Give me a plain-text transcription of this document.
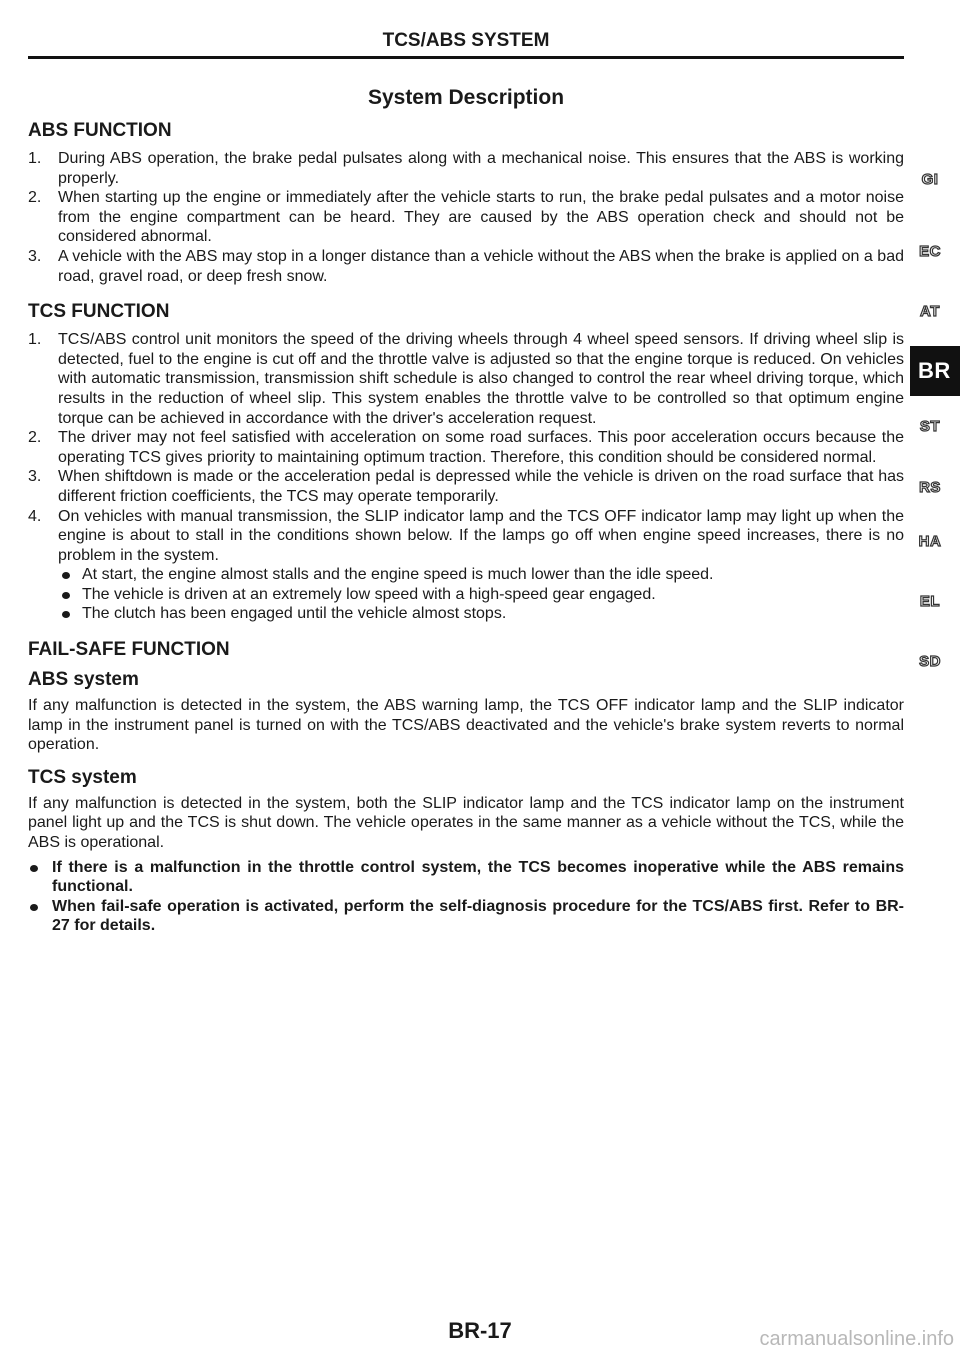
TCS/ABS SYSTEM
System Description
ABS FUNCTION
1. During ABS operation, the brake pedal pulsates along with a mechanical noise. This ensures that the ABS is working properly.
2. When starting up the engine or immediately after the vehicle starts to run, the brake pedal pulsates and a motor noise from the engine compartment can be heard. They are caused by the ABS operation check and should not be considered abnormal.
3. A vehicle with the ABS may stop in a longer distance than a vehicle without the ABS when the brake is applied on a bad road, gravel road, or deep fresh snow.
TCS FUNCTION
1. TCS/ABS control unit monitors the speed of the driving wheels through 4 wheel speed sensors. If driving wheel slip is detected, fuel to the engine is cut off and the throttle valve is adjusted so that the engine torque is reduced. On vehicles with automatic transmission, transmission shift schedule is also changed to control the rear wheel driving torque, which results in the reduction of wheel slip. This system enables the throttle valve to be controlled so that optimum engine torque can be achieved in accordance with the driver's acceleration request.
2. The driver may not feel satisfied with acceleration on some road surfaces. This poor acceleration occurs because the operating TCS gives priority to maintaining optimum traction. Therefore, this condition should be considered normal.
3. When shiftdown is made or the acceleration pedal is depressed while the vehicle is driven on the road surface that has different friction coefficients, the TCS may operate temporarily.
4. On vehicles with manual transmission, the SLIP indicator lamp and the TCS OFF indicator lamp may light up when the engine is about to stall in the conditions shown below. If the lamps go off when engine speed increases, there is no problem in the system.
At start, the engine almost stalls and the engine speed is much lower than the idle speed.
The vehicle is driven at an extremely low speed with a high-speed gear engaged.
The clutch has been engaged until the vehicle almost stops.
FAIL-SAFE FUNCTION
ABS system

If any malfunction is detected in the system, the ABS warning lamp, the TCS OFF indicator lamp and the SLIP indicator lamp in the instrument panel is turned on with the TCS/ABS deactivated and the vehicle's brake system reverts to normal operation.

TCS system

If any malfunction is detected in the system, both the SLIP indicator lamp and the TCS indicator lamp on the instrument panel light up and the TCS is shut down. The vehicle operates in the same manner as a vehicle without the TCS, while the ABS is operational.

If there is a malfunction in the throttle control system, the TCS becomes inoperative while the ABS remains functional.
When fail-safe operation is activated, perform the self-diagnosis procedure for the TCS/ABS first. Refer to BR-27 for details.
GI
EC
AT
BR
ST
RS
HA
EL
SD
BR-17	carmanualsonline.info
